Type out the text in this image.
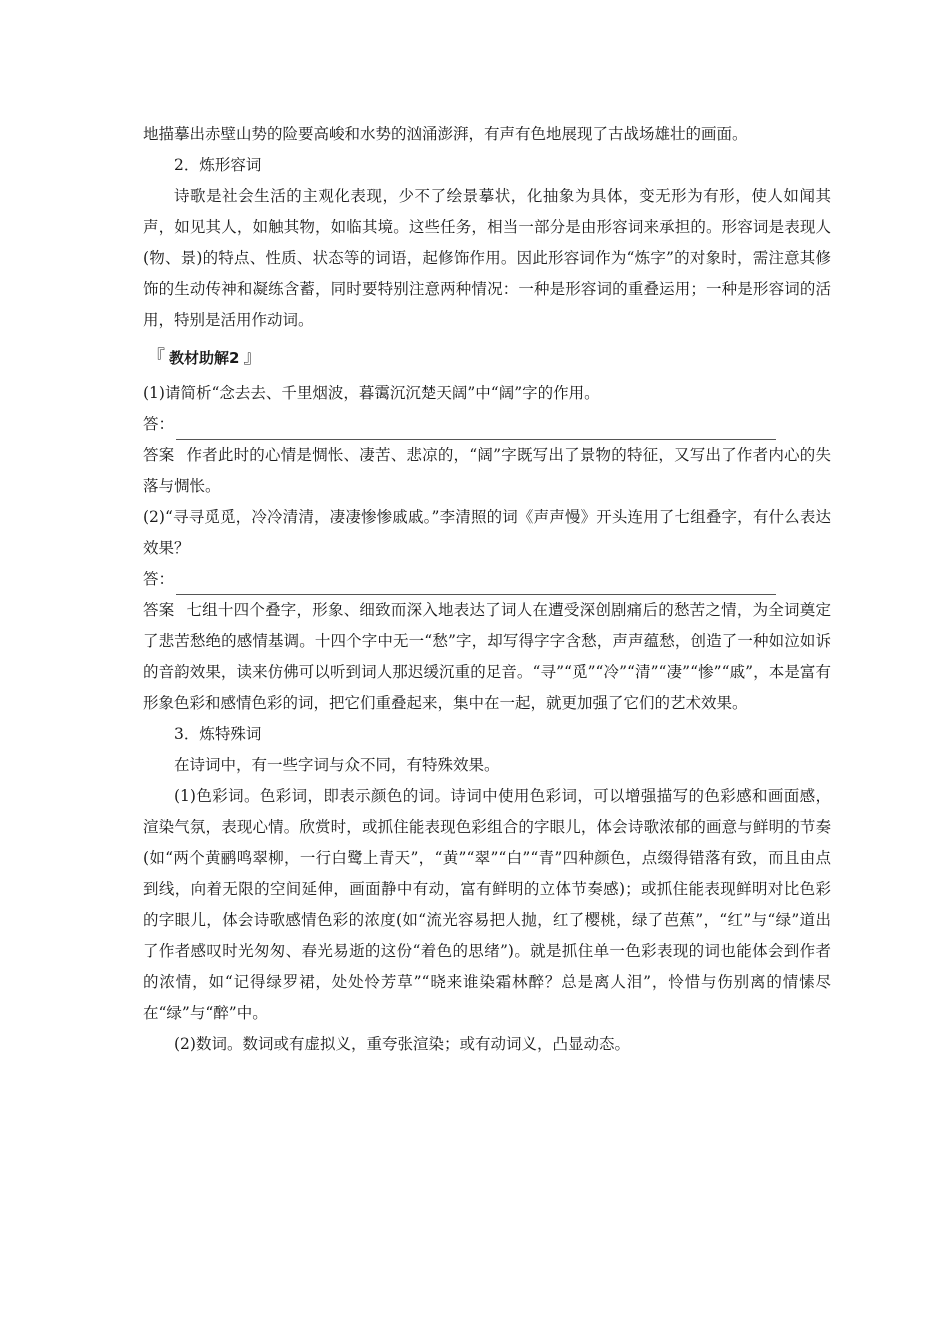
地描摹出赤壁山势的险要高峻和水势的汹涌澎湃，有声有色地展现了古战场雄壮的画面。

2．炼形容词

诗歌是社会生活的主观化表现，少不了绘景摹状，化抽象为具体，变无形为有形，使人如闻其声，如见其人，如触其物，如临其境。这些任务，相当一部分是由形容词来承担的。形容词是表现人(物、景)的特点、性质、状态等的词语，起修饰作用。因此形容词作为“炼字”的对象时，需注意其修饰的生动传神和凝练含蓄，同时要特别注意两种情况：一种是形容词的重叠运用；一种是形容词的活用，特别是活用作动词。

『 教材助解2 』

(1)请简析“念去去、千里烟波，暮霭沉沉楚天阔”中“阔”字的作用。

答：

答案 作者此时的心情是惆怅、凄苦、悲凉的，“阔”字既写出了景物的特征，又写出了作者内心的失落与惆怅。

(2)“寻寻觅觅，冷冷清清，凄凄惨惨戚戚。”李清照的词《声声慢》开头连用了七组叠字，有什么表达效果？

答：

答案 七组十四个叠字，形象、细致而深入地表达了词人在遭受深创剧痛后的愁苦之情，为全词奠定了悲苦愁绝的感情基调。十四个字中无一“愁”字，却写得字字含愁，声声蕴愁，创造了一种如泣如诉的音韵效果，读来仿佛可以听到词人那迟缓沉重的足音。“寻”“觅”“冷”“清”“凄”“惨”“戚”，本是富有形象色彩和感情色彩的词，把它们重叠起来，集中在一起，就更加强了它们的艺术效果。

3．炼特殊词

在诗词中，有一些字词与众不同，有特殊效果。

(1)色彩词。色彩词，即表示颜色的词。诗词中使用色彩词，可以增强描写的色彩感和画面感，渲染气氛，表现心情。欣赏时，或抓住能表现色彩组合的字眼儿，体会诗歌浓郁的画意与鲜明的节奏(如“两个黄鹂鸣翠柳，一行白鹭上青天”，“黄”“翠”“白”“青”四种颜色，点缀得错落有致，而且由点到线，向着无限的空间延伸，画面静中有动，富有鲜明的立体节奏感)；或抓住能表现鲜明对比色彩的字眼儿，体会诗歌感情色彩的浓度(如“流光容易把人抛，红了樱桃，绿了芭蕉”，“红”与“绿”道出了作者感叹时光匆匆、春光易逝的这份“着色的思绪”)。就是抓住单一色彩表现的词也能体会到作者的浓情，如“记得绿罗裙，处处怜芳草”“晓来谁染霜林醉？总是离人泪”，怜惜与伤别离的情愫尽在“绿”与“醉”中。

(2)数词。数词或有虚拟义，重夸张渲染；或有动词义，凸显动态。
